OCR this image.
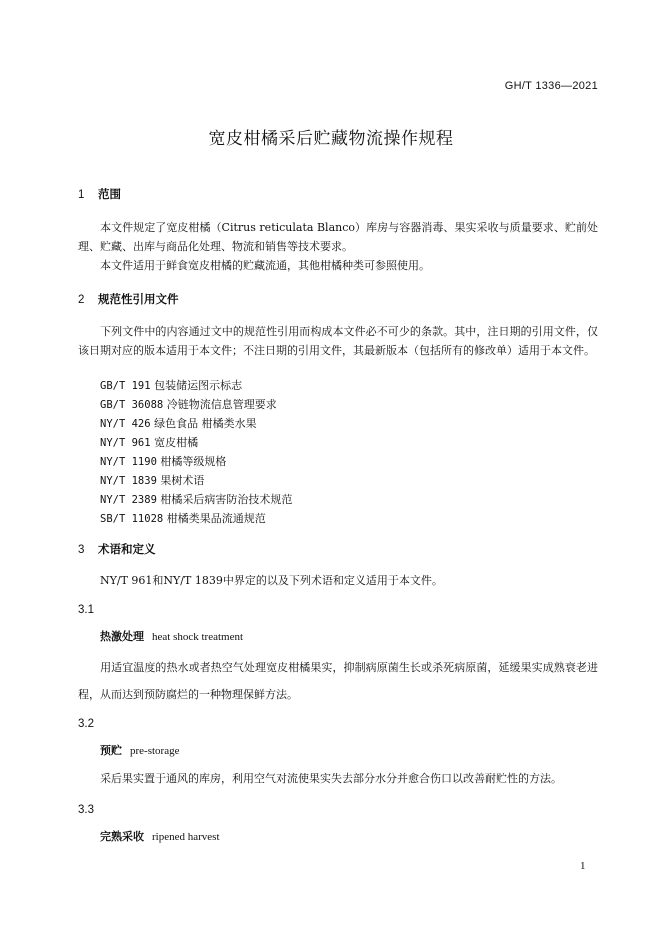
GH/T 1336—2021
宽皮柑橘采后贮藏物流操作规程
1 范围
本文件规定了宽皮柑橘（Citrus reticulata Blanco）库房与容器消毒、果实采收与质量要求、贮前处理、贮藏、出库与商品化处理、物流和销售等技术要求。
本文件适用于鲜食宽皮柑橘的贮藏流通，其他柑橘种类可参照使用。
2 规范性引用文件
下列文件中的内容通过文中的规范性引用而构成本文件必不可少的条款。其中，注日期的引用文件，仅该日期对应的版本适用于本文件；不注日期的引用文件，其最新版本（包括所有的修改单）适用于本文件。
GB/T 191 包装储运图示标志
GB/T 36088 冷链物流信息管理要求
NY/T 426 绿色食品 柑橘类水果
NY/T 961 宽皮柑橘
NY/T 1190 柑橘等级规格
NY/T 1839 果树术语
NY/T 2389 柑橘采后病害防治技术规范
SB/T 11028 柑橘类果品流通规范
3 术语和定义
NY/T 961和NY/T 1839中界定的以及下列术语和定义适用于本文件。
3.1
热激处理 heat shock treatment
用适宜温度的热水或者热空气处理宽皮柑橘果实，抑制病原菌生长或杀死病原菌，延缓果实成熟衰老进程，从而达到预防腐烂的一种物理保鲜方法。
3.2
预贮 pre-storage
采后果实置于通风的库房，利用空气对流使果实失去部分水分并愈合伤口以改善耐贮性的方法。
3.3
完熟采收 ripened harvest
1
